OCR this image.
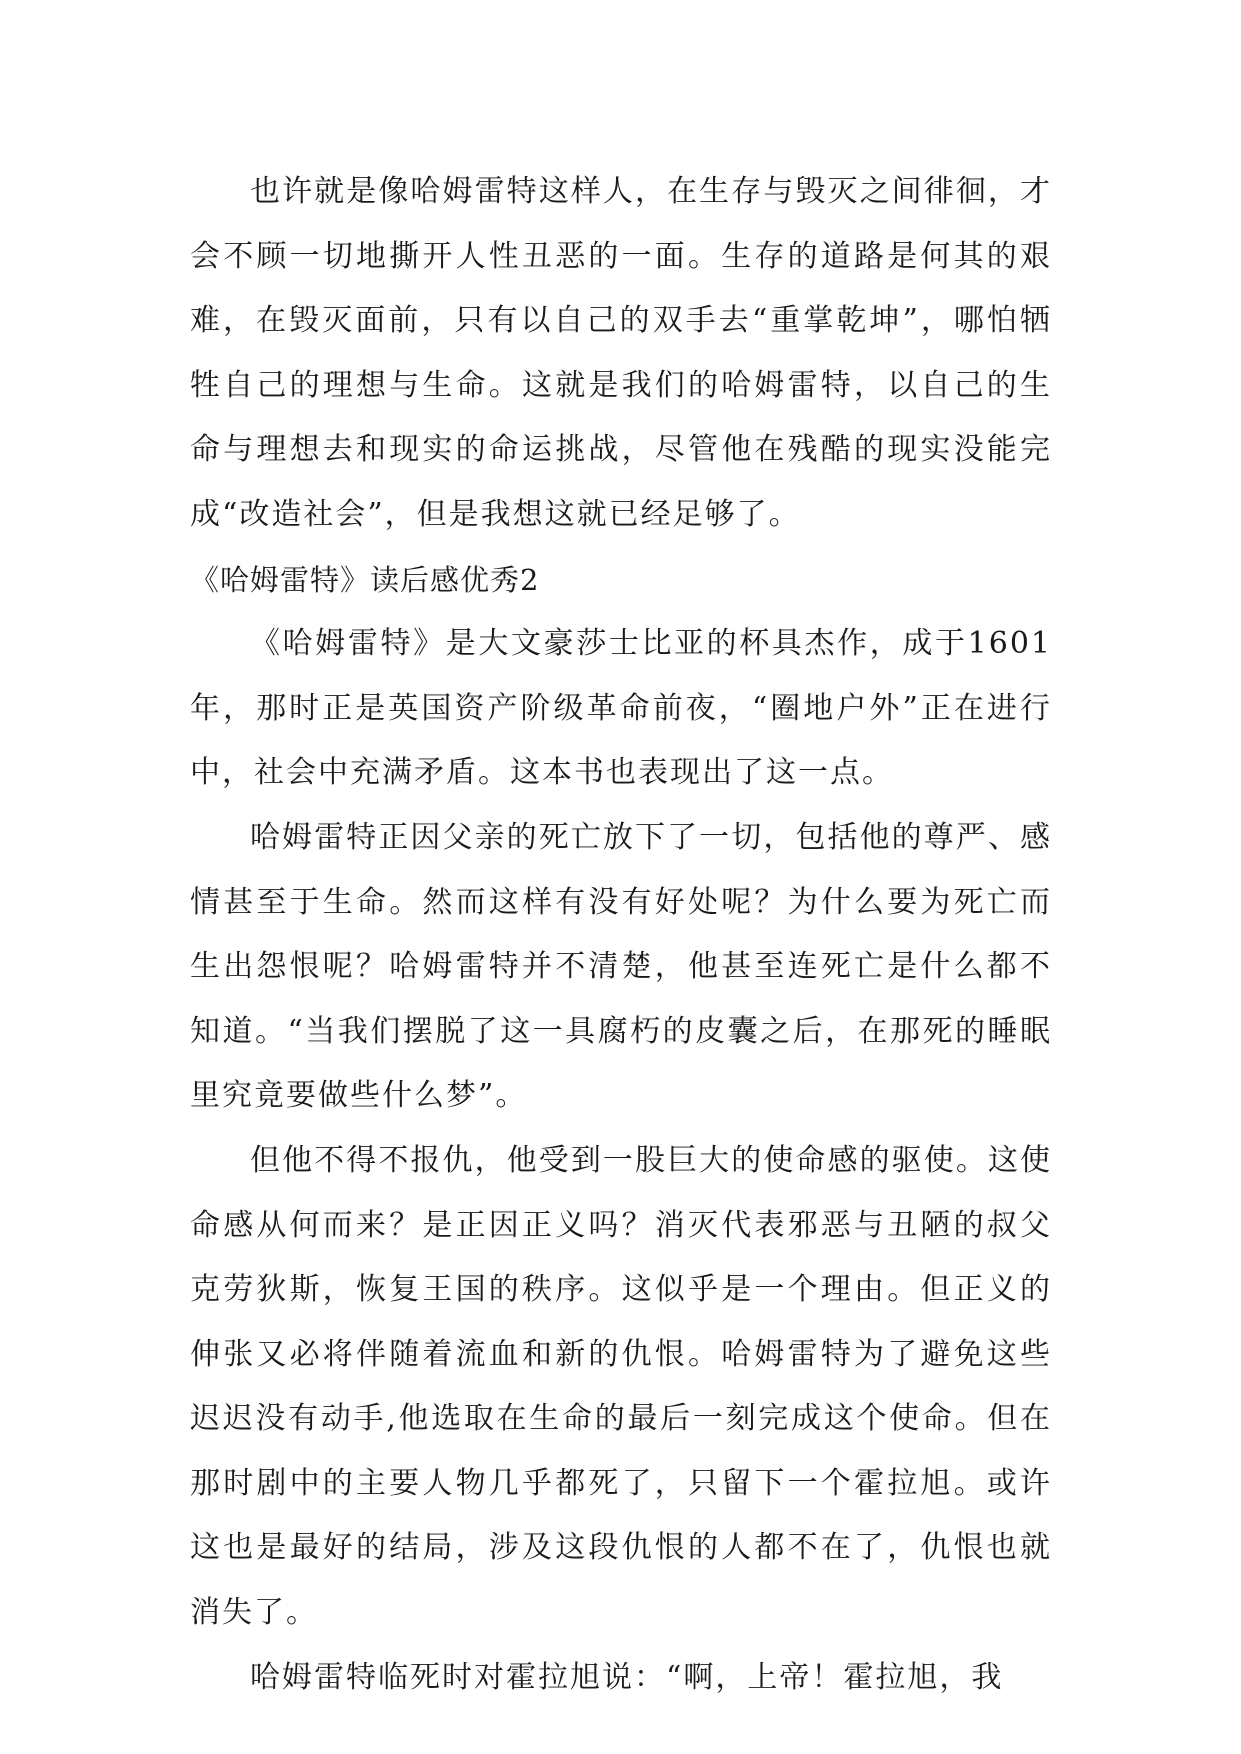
也许就是像哈姆雷特这样人，在生存与毁灭之间徘徊，才会不顾一切地撕开人性丑恶的一面。生存的道路是何其的艰难，在毁灭面前，只有以自己的双手去“重掌乾坤”，哪怕牺牲自己的理想与生命。这就是我们的哈姆雷特，以自己的生命与理想去和现实的命运挑战，尽管他在残酷的现实没能完成“改造社会”，但是我想这就已经足够了。

《哈姆雷特》读后感优秀2

《哈姆雷特》是大文豪莎士比亚的杯具杰作，成于1601年，那时正是英国资产阶级革命前夜，“圈地户外”正在进行中，社会中充满矛盾。这本书也表现出了这一点。

哈姆雷特正因父亲的死亡放下了一切，包括他的尊严、感情甚至于生命。然而这样有没有好处呢？为什么要为死亡而生出怨恨呢？哈姆雷特并不清楚，他甚至连死亡是什么都不知道。“当我们摆脱了这一具腐朽的皮囊之后，在那死的睡眠里究竟要做些什么梦”。

但他不得不报仇，他受到一股巨大的使命感的驱使。这使命感从何而来？是正因正义吗？消灭代表邪恶与丑陋的叔父克劳狄斯，恢复王国的秩序。这似乎是一个理由。但正义的伸张又必将伴随着流血和新的仇恨。哈姆雷特为了避免这些迟迟没有动手,他选取在生命的最后一刻完成这个使命。但在那时剧中的主要人物几乎都死了，只留下一个霍拉旭。或许这也是最好的结局，涉及这段仇恨的人都不在了，仇恨也就消失了。

哈姆雷特临死时对霍拉旭说：“啊，上帝！霍拉旭，我
